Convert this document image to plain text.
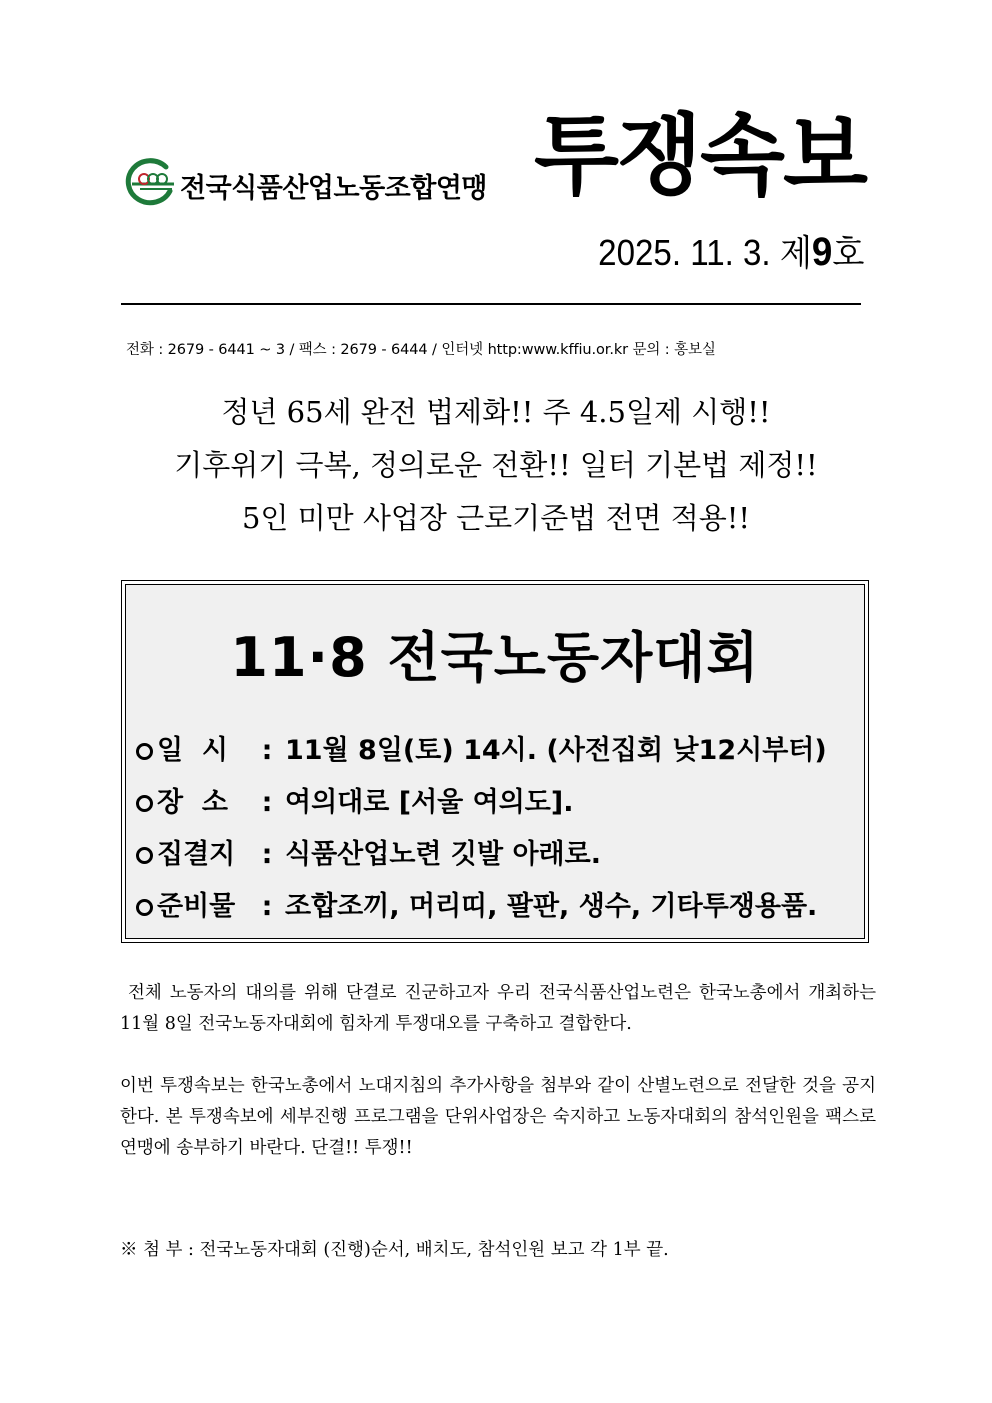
전국식품산업노동조합연맹 투쟁속보
2025. 11. 3. 제9호
전화 : 2679 - 6441 ~ 3 / 팩스 : 2679 - 6444 / 인터넷 http:www.kffiu.or.kr 문의 : 홍보실
정년 65세 완전 법제화!! 주 4.5일제 시행!!
기후위기 극복, 정의로운 전환!! 일터 기본법 제정!!
5인 미만 사업장 근로기준법 전면 적용!!
11·8 전국노동자대회
일  시	: 11월 8일(토) 14시. (사전집회 낮12시부터)
장  소	: 여의대로 [서울 여의도].
집결지 : 식품산업노련 깃발 아래로.
준비물 : 조합조끼, 머리띠, 팔판, 생수, 기타투쟁용품.

전체 노동자의 대의를 위해 단결로 진군하고자 우리 전국식품산업노련은 한국노총에서 개최하는 11월 8일 전국노동자대회에 힘차게 투쟁대오를 구축하고 결합한다.

이번 투쟁속보는 한국노총에서 노대지침의 추가사항을 첨부와 같이 산별노련으로 전달한 것을 공지한다. 본 투쟁속보에 세부진행 프로그램을 단위사업장은 숙지하고 노동자대회의 참석인원을 팩스로 연맹에 송부하기 바란다. 단결!! 투쟁!!

※ 첨 부 : 전국노동자대회 (진행)순서, 배치도, 참석인원 보고 각 1부 끝.
